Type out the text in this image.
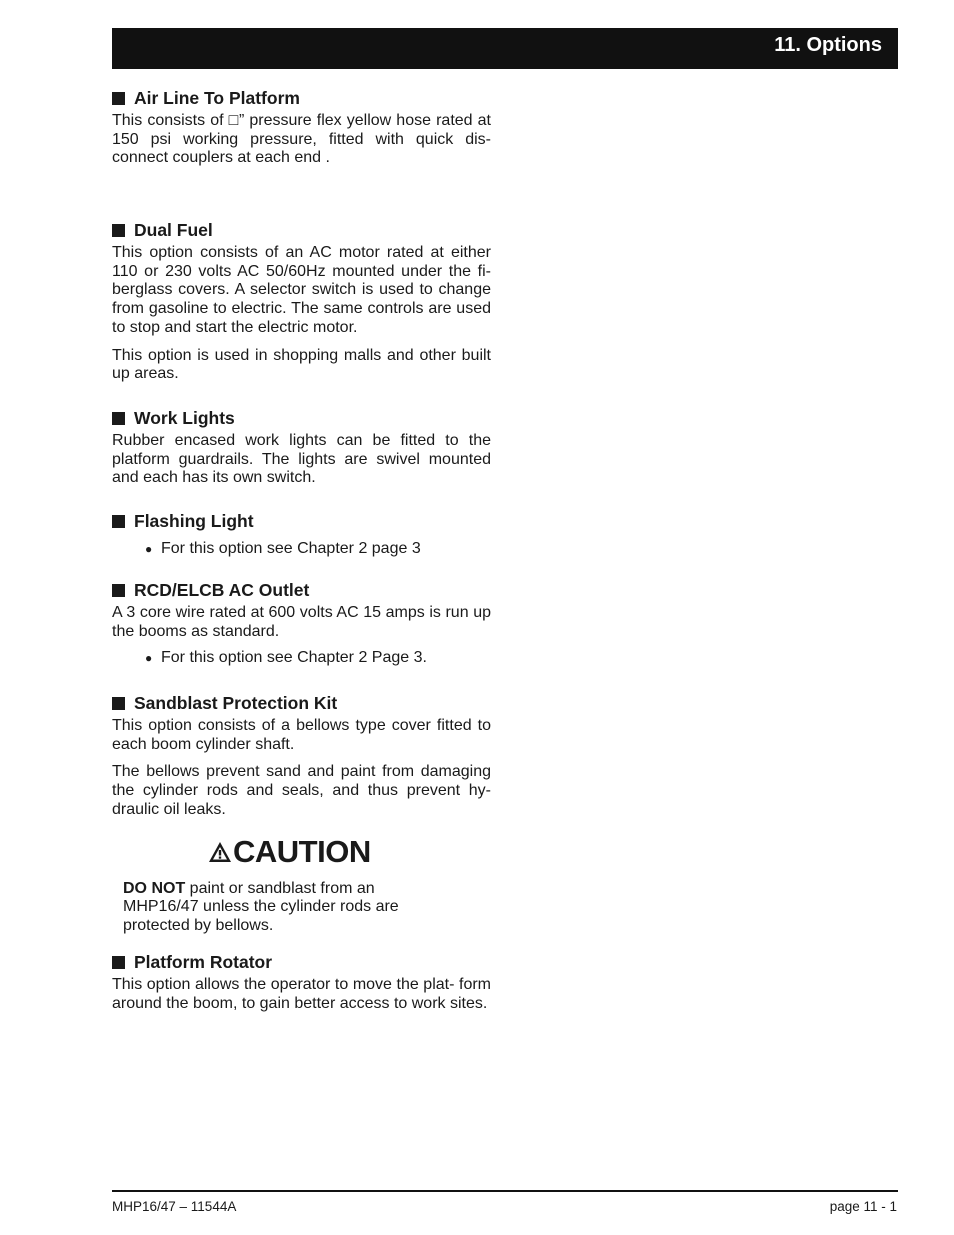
11. Options
Air Line To Platform

This consists of □” pressure flex yellow hose rated at 150 psi working pressure, fitted with quick dis- connect couplers at each end .

Dual Fuel

This option consists of an AC motor rated at either 110 or 230 volts AC 50/60Hz mounted under the fi- berglass covers. A selector switch is used to change from gasoline to electric. The same controls are used to stop and start the electric motor.

This option is used in shopping malls and other built up areas.

Work Lights

Rubber encased work lights can be fitted to the platform guardrails. The lights are swivel mounted and each has its own switch.

Flashing Light
● For this option see Chapter 2 page 3
RCD/ELCB AC Outlet

A 3 core wire rated at 600 volts AC 15 amps is run up the booms as standard.

● For this option see Chapter 2 Page 3.
Sandblast Protection Kit

This option consists of a bellows type cover fitted to each boom cylinder shaft.

The bellows prevent sand and paint from damaging the cylinder rods and seals, and thus prevent hy- draulic oil leaks.

CAUTION

DO NOT paint or sandblast from an MHP16/47 unless the cylinder rods are protected by bellows.

Platform Rotator

This option allows the operator to move the plat- form around the boom, to gain better access to work sites.

MHP16/47 – 11544A	page 11 - 1
